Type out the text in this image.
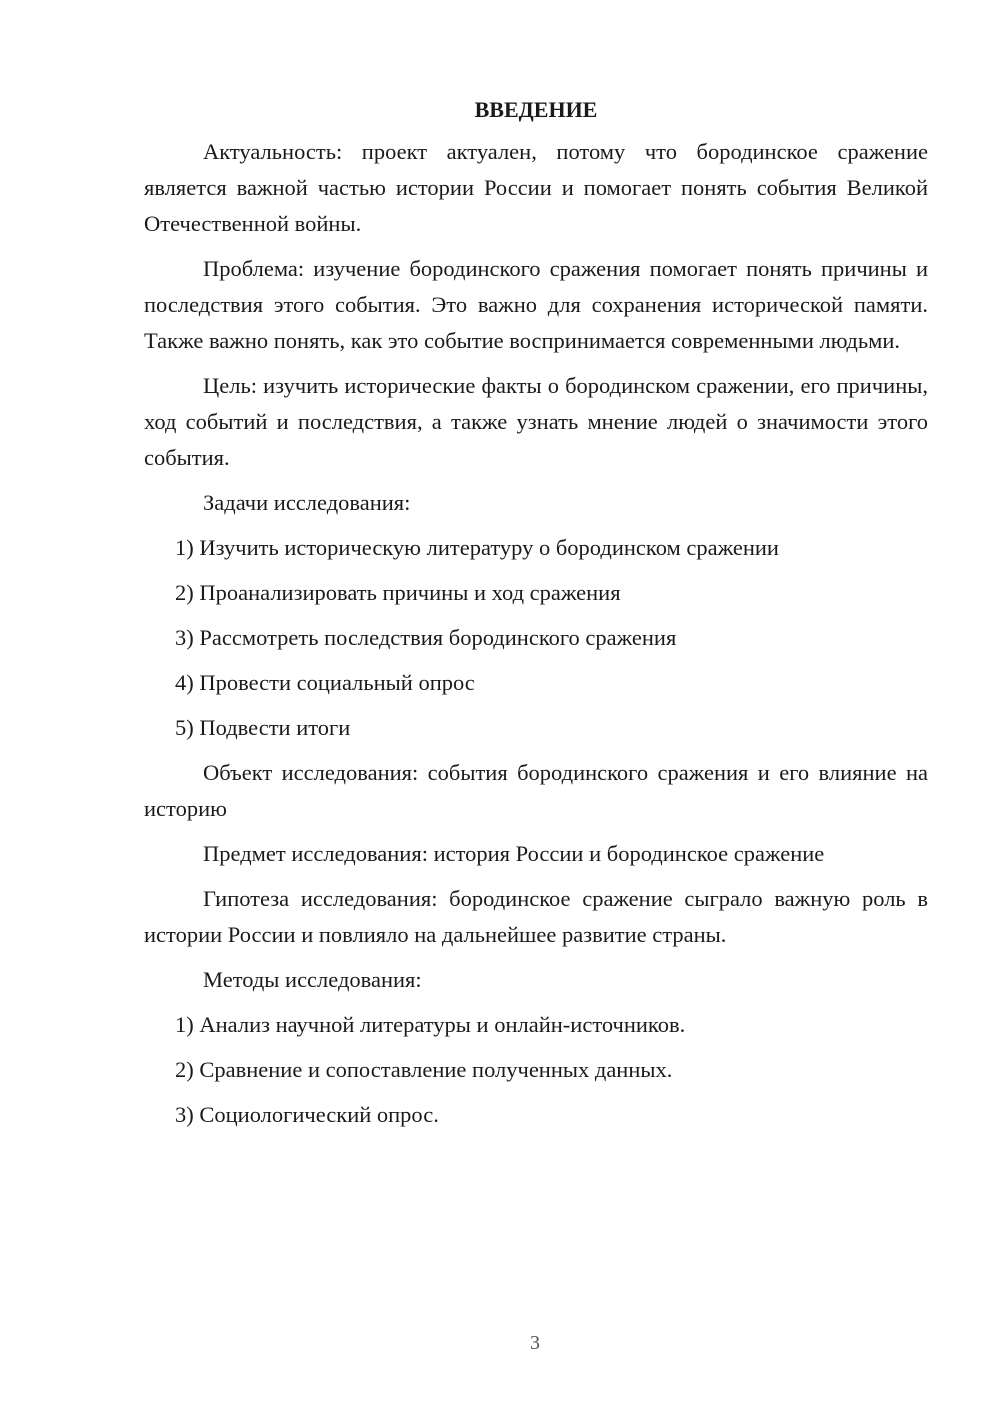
ВВЕДЕНИЕ

Актуальность: проект актуален, потому что бородинское сражение является важной частью истории России и помогает понять события Великой Отечественной войны.

Проблема: изучение бородинского сражения помогает понять причины и последствия этого события. Это важно для сохранения исторической памяти. Также важно понять, как это событие воспринимается современными людьми.

Цель: изучить исторические факты о бородинском сражении, его причины, ход событий и последствия, а также узнать мнение людей о значимости этого события.

Задачи исследования:

1) Изучить историческую литературу о бородинском сражении

2) Проанализировать причины и ход сражения

3) Рассмотреть последствия бородинского сражения

4) Провести социальный опрос

5) Подвести итоги

Объект исследования: события бородинского сражения и его влияние на историю

Предмет исследования: история России и бородинское сражение

Гипотеза исследования: бородинское сражение сыграло важную роль в истории России и повлияло на дальнейшее развитие страны.

Методы исследования:

1) Анализ научной литературы и онлайн-источников.

2) Сравнение и сопоставление полученных данных.

3) Социологический опрос.

3
